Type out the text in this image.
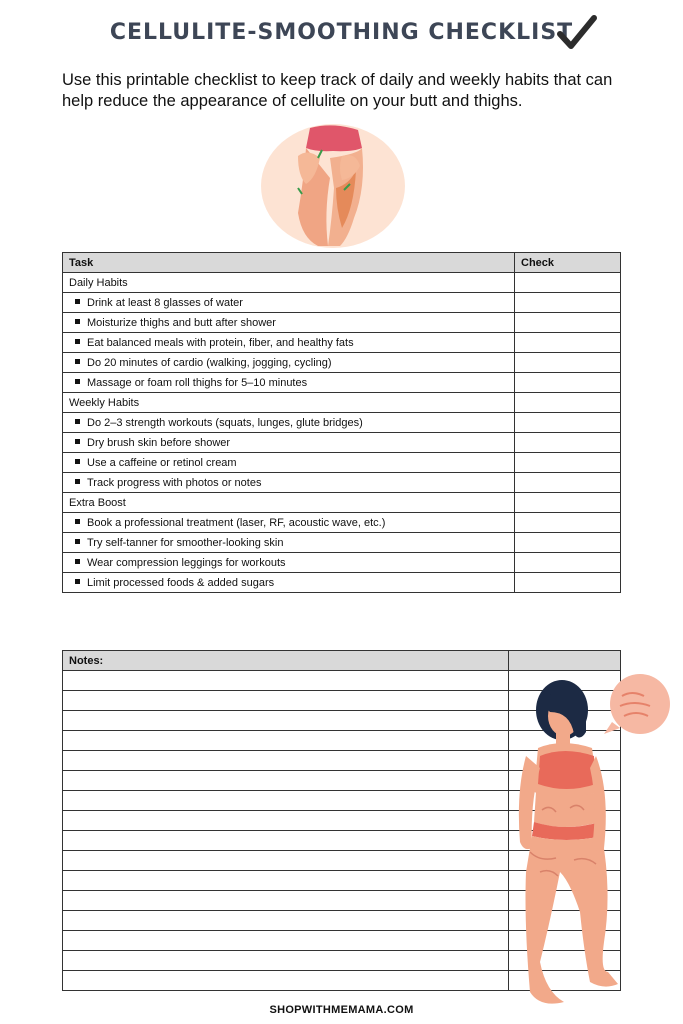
CELLULITE-SMOOTHING CHECKLIST
Use this printable checklist to keep track of daily and weekly habits that can help reduce the appearance of cellulite on your butt and thighs.
Task	Check
Daily Habits	
Drink at least 8 glasses of water	
Moisturize thighs and butt after shower	
Eat balanced meals with protein, fiber, and healthy fats	
Do 20 minutes of cardio (walking, jogging, cycling)	
Massage or foam roll thighs for 5–10 minutes	
Weekly Habits	
Do 2–3 strength workouts (squats, lunges, glute bridges)	
Dry brush skin before shower	
Use a caffeine or retinol cream	
Track progress with photos or notes	
Extra Boost	
Book a professional treatment (laser, RF, acoustic wave, etc.)	
Try self-tanner for smoother-looking skin	
Wear compression leggings for workouts	
Limit processed foods & added sugars	
Notes:	

SHOPWITHMEMAMA.COM
